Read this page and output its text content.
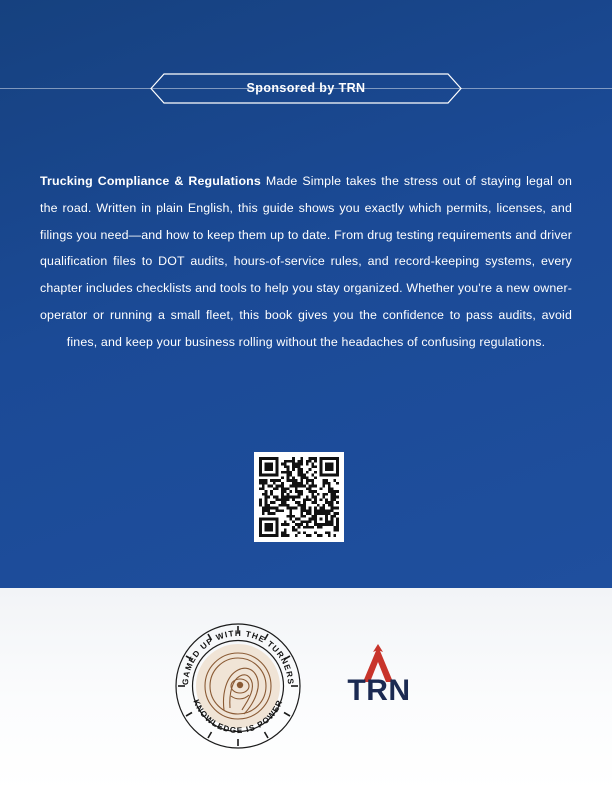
Sponsored by TRN
Trucking Compliance & Regulations Made Simple takes the stress out of staying legal on the road. Written in plain English, this guide shows you exactly which permits, licenses, and filings you need—and how to keep them up to date. From drug testing requirements and driver qualification files to DOT audits, hours-of-service rules, and record-keeping systems, every chapter includes checklists and tools to help you stay organized. Whether you're a new owner-operator or running a small fleet, this book gives you the confidence to pass audits, avoid fines, and keep your business rolling without the headaches of confusing regulations.
GAMED UP WITH THE TURNERS
KNOWLEDGE IS POWER TRN
